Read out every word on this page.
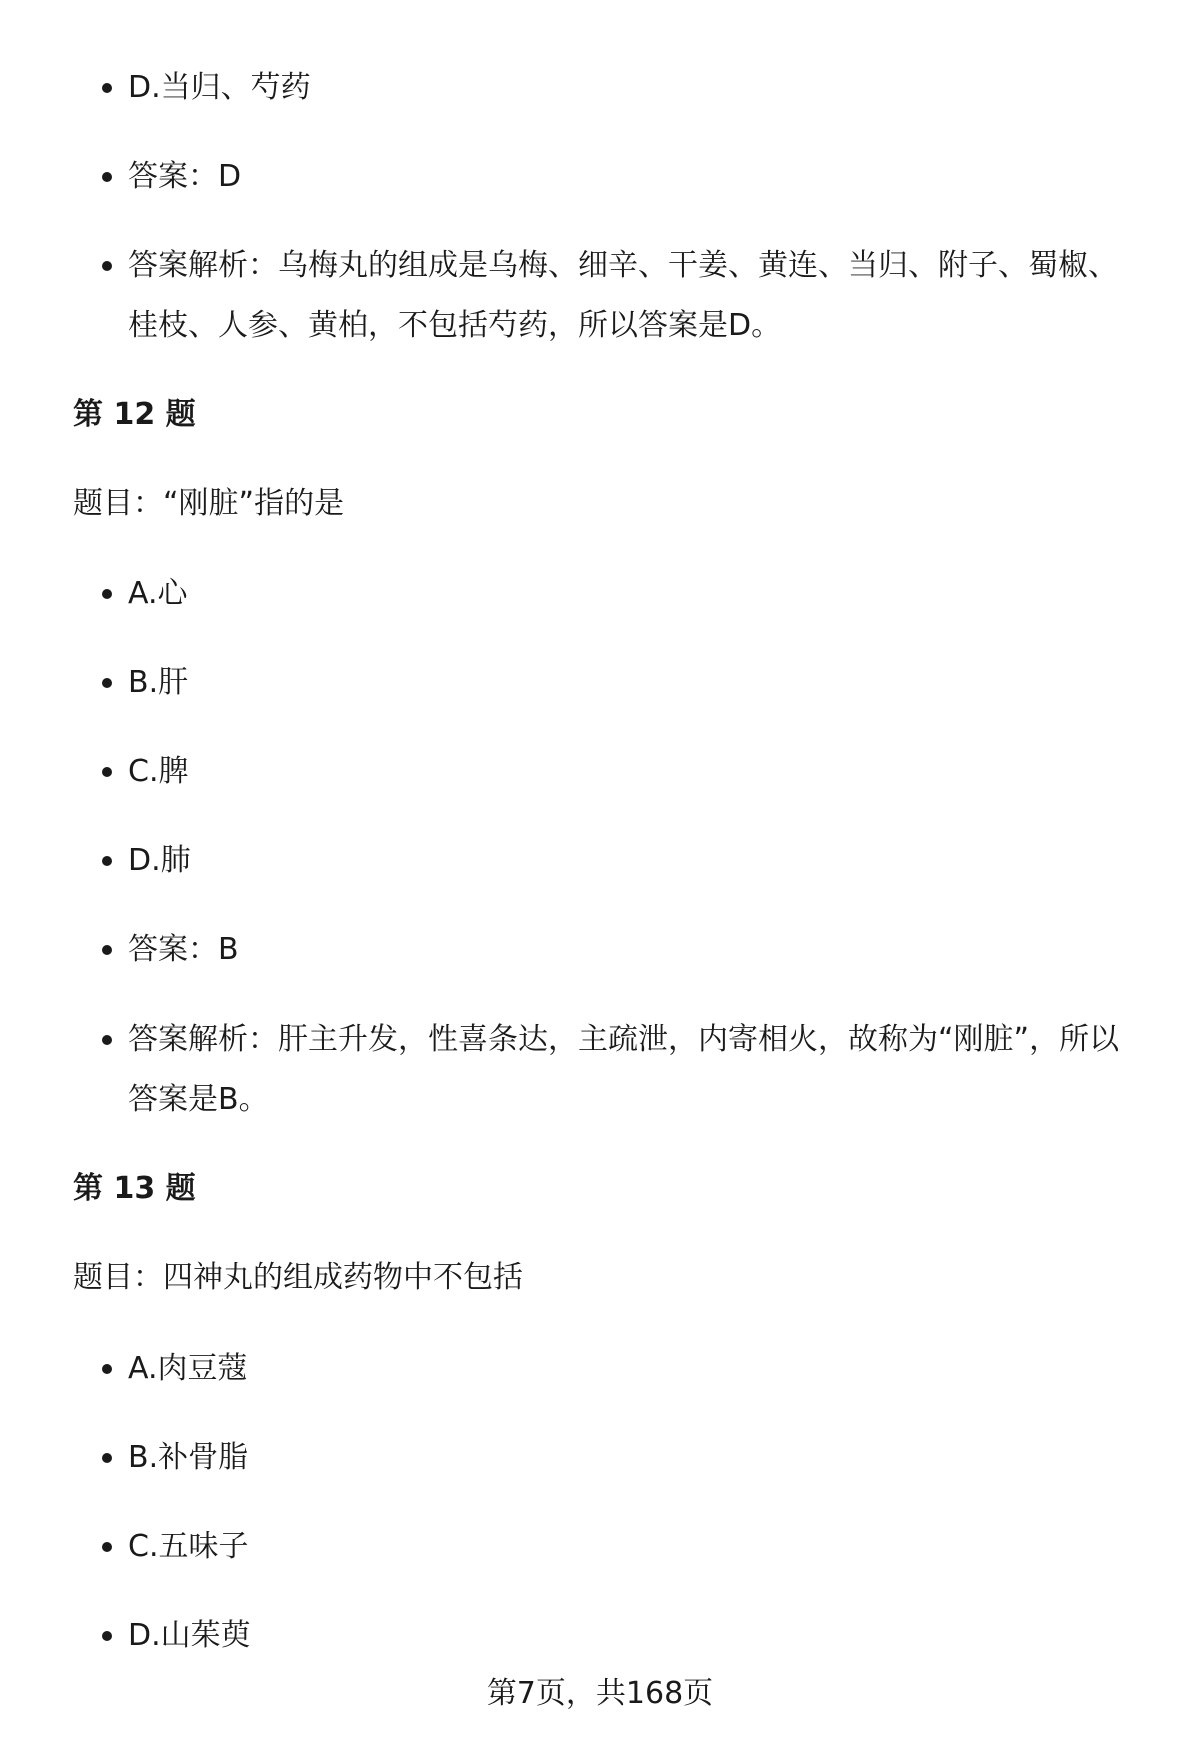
D.当归、芍药
答案：D
答案解析：乌梅丸的组成是乌梅、细辛、干姜、黄连、当归、附子、蜀椒、桂枝、人参、黄柏，不包括芍药，所以答案是D。
第 12 题
题目：“刚脏”指的是
A.心
B.肝
C.脾
D.肺
答案：B
答案解析：肝主升发，性喜条达，主疏泄，内寄相火，故称为“刚脏”，所以答案是B。
第 13 题
题目：四神丸的组成药物中不包括
A.肉豆蔻
B.补骨脂
C.五味子
D.山茱萸
第7页，共168页
